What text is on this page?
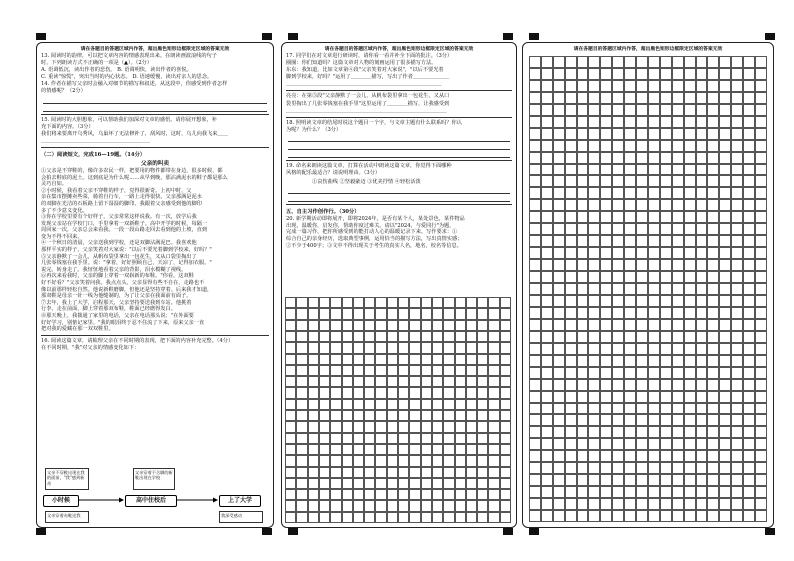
请在各题目的答题区域内作答，超出黑色矩形边框限定区域的答案无效

13. 阅读时的韵律，可以把文章内容的情感表现出来。在朗读画波浪线的句子

时，下列朗读方式不正确的一项是（▲）。（2分）

A. 语调低沉，读出作者的悲伤。 B. 语调明快，读出作者的喜悦。

C. 重读"惊慌"，突出当时的内心状态。 D. 语速缓慢，读出对亲人的思念。

14. 作者在描写父亲时会融入对细节的描写和叙述，从这段中，你感受到作者怎样

的情感呢？（2分）

15. 阅读时的大胆想象，可以帮助我们加深对文章的感悟。请你展开想象，补

充下面的内容。（3分）

我们将来要离开乌秀风，乌巢坏了无法修补了，刮风时，这时，乌儿向我飞来＿＿

＿＿＿＿＿＿＿＿＿＿＿＿＿＿＿＿＿＿＿＿＿

（二）阅读短文，完成16—19题。（14分）
父亲的叫卖

①父亲是不穿鞋的，像许多农民一样，把要用的物件都带在身边，很多时候，都

会拍去鞋底的泥土。这到底是为什么呢……从早到晚，那沾满泥水的鞋子都是那么

灵巧自如。

②小时候，我看着父亲不穿鞋的样子，觉得很新奇。上初中时，父

亲在集市摆摊卖些菜，骑着自行车，一路上走得很快。父亲那满是泥水

的双脚在光洁的石板路上留下湿湿的脚印。我跟着父亲感受到他的脚印

多了不少意义变化。

③你在学校里要有个好样子，父亲常常这样说我。有一次，放学后我

发现父亲站在学校门口，手里拿着一双新鞋子。高中开学的时候，每隔一

周回家一次，父亲总会来看我。一段一段山路走回去看到他的上坡，直到

变为不得不回来。

④一个秋日的清晨，父亲送我到学校，还是双脚沾满泥巴。我喜欢他

那样平实的样子，父亲笑着对大家说："以后不要光着脚到学校来，好吗？"

⑤父亲静默了一会儿，从帆布袋里拿出一包花生，又从口袋里掏出了

几张零钱塞在我手里。说："拿着，好好照顾自己，天凉了，记得加衣服。"

说完，转身走了。我怔怔地看着父亲的背影，泪水模糊了视线。

⑥再次来看我时，父亲的脚上穿着一双崭新的布鞋。"你看，这双鞋

好不好看？"父亲笑着问我。我点点头，父亲显得有些不自在，走路也不

像以前那样轻松自然。他说新鞋磨脚，但他还是坚持穿着。后来我才知道，

那双鞋是母亲一针一线为他缝制的，为了让父亲在我面前有面子。

⑦去年，我上了大学，启程那天，父亲坚持要送我到车站。他挑着

行李，走在前面，脚上穿着那双布鞋，鞋面已经磨得发白。

⑧那天晚上，我拨通了家里的电话，父亲在电话那头说："在外面要

好好学习，别惦记家里。"我的眼泪终于忍不住流了下来，原来父亲一直

把对我的爱藏在那一双双鞋里。

16. 阅读这篇文章，请梳理父亲在不同时期的表现，把下面的内容补充完整。（4分）

在不同时期，"我"对父亲的情感变化如下：

父亲不穿鞋出现在我的面前，"我"感到新奇
父亲穿着不合脚的新鞋出现在学校
父亲穿着布鞋送我	我深受感动
小时候	高中住校后	上了大学
请在各题目的答题区域内作答，超出黑色矩形边框限定区域的答案无效

17. 同学们在对文章进行研读时，请你看一看并补全下面的批注。（3分）

圈圈：你们知道吗？这篇文章对人物的刻画运用了很多描写方法。

东东：我知道，比如文章第④段"父亲笑着对大家说"，"以后不要光着

脚到学校来，好吗？"运用了＿＿＿＿描写，写出了作者＿＿＿＿＿＿＿

＿＿＿＿＿＿＿＿＿＿＿＿＿＿＿＿＿＿＿＿＿＿＿＿＿＿＿＿＿＿

亮亮：在第⑤段"父亲静默了一会儿，从帆布袋里拿出一包花生，又从口

袋里掏出了几张零钱塞在我手里"这里运用了＿＿＿＿描写，让我感受到

＿＿＿＿＿＿＿＿＿＿＿＿＿＿＿＿＿＿＿＿＿＿＿＿＿＿＿＿＿＿＿

18. 照明读文章的结尾时说这个题目一个字，与文章主题有什么联系吗？你认

为呢？为什么？（3分）

19. 命名来朗读这篇文章，打算在活动中朗读这篇文章，你觉得下面哪种

风格的配乐最适合？请说明理由。（3分）

①哀伤曲线 ②坚毅豪迈 ③优美抒情 ④轻松活泼
五、自主习作创作行。（30分）

20. 新学期活动即将展开，即将2024年，是否有某个人，某处景色，某件物品

出现，温暖你，启发你，帮助你度过难关。请以"2024，与爱同行"为题，

完成一篇习作，把你所感受到的能打动人心的温暖记录下来。写作要求：①

综合自己的亲身经历，选取典型事例，运用恰当的描写方法，写出真情实感；

②不少于400字；③文中不得出现关于考生的真实人名，地名，校名等信息。

请在各题目的答题区域内作答，超出黑色矩形边框限定区域的答案无效
